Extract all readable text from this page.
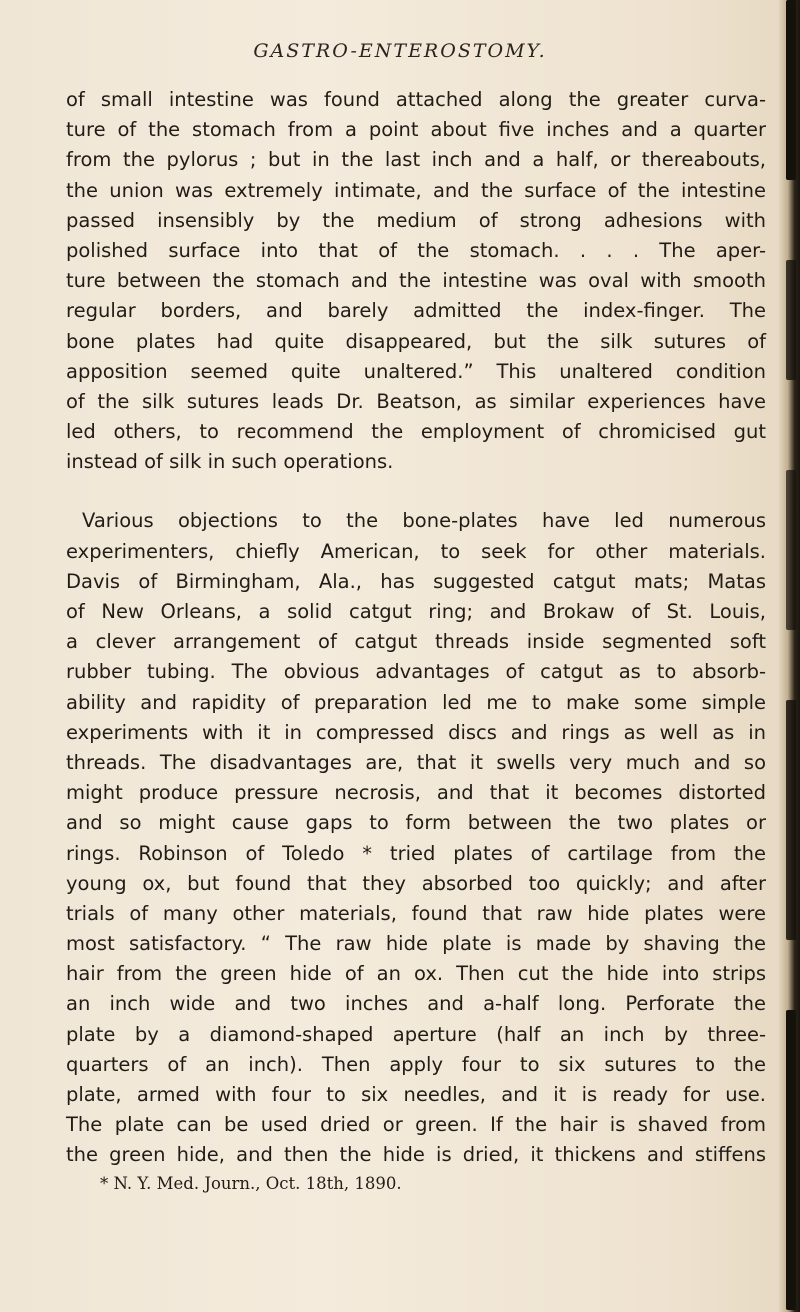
GASTRO-ENTEROSTOMY.
of small intestine was found attached along the greater curva-
ture of the stomach from a point about five inches and a quarter
from the pylorus ; but in the last inch and a half, or thereabouts,
the union was extremely intimate, and the surface of the intestine
passed insensibly by the medium of strong adhesions with
polished surface into that of the stomach. . . . The aper-
ture between the stomach and the intestine was oval with smooth
regular borders, and barely admitted the index-finger. The
bone plates had quite disappeared, but the silk sutures of
apposition seemed quite unaltered.” This unaltered condition
of the silk sutures leads Dr. Beatson, as similar experiences have
led others, to recommend the employment of chromicised gut
instead of silk in such operations.
Various objections to the bone-plates have led numerous
experimenters, chiefly American, to seek for other materials.
Davis of Birmingham, Ala., has suggested catgut mats; Matas
of New Orleans, a solid catgut ring; and Brokaw of St. Louis,
a clever arrangement of catgut threads inside segmented soft
rubber tubing. The obvious advantages of catgut as to absorb-
ability and rapidity of preparation led me to make some simple
experiments with it in compressed discs and rings as well as in
threads. The disadvantages are, that it swells very much and so
might produce pressure necrosis, and that it becomes distorted
and so might cause gaps to form between the two plates or
rings. Robinson of Toledo * tried plates of cartilage from the
young ox, but found that they absorbed too quickly; and after
trials of many other materials, found that raw hide plates were
most satisfactory. “ The raw hide plate is made by shaving the
hair from the green hide of an ox. Then cut the hide into strips
an inch wide and two inches and a-half long. Perforate the
plate by a diamond-shaped aperture (half an inch by three-
quarters of an inch). Then apply four to six sutures to the
plate, armed with four to six needles, and it is ready for use.
The plate can be used dried or green. If the hair is shaved from
the green hide, and then the hide is dried, it thickens and stiffens
* N. Y. Med. Journ., Oct. 18th, 1890.
